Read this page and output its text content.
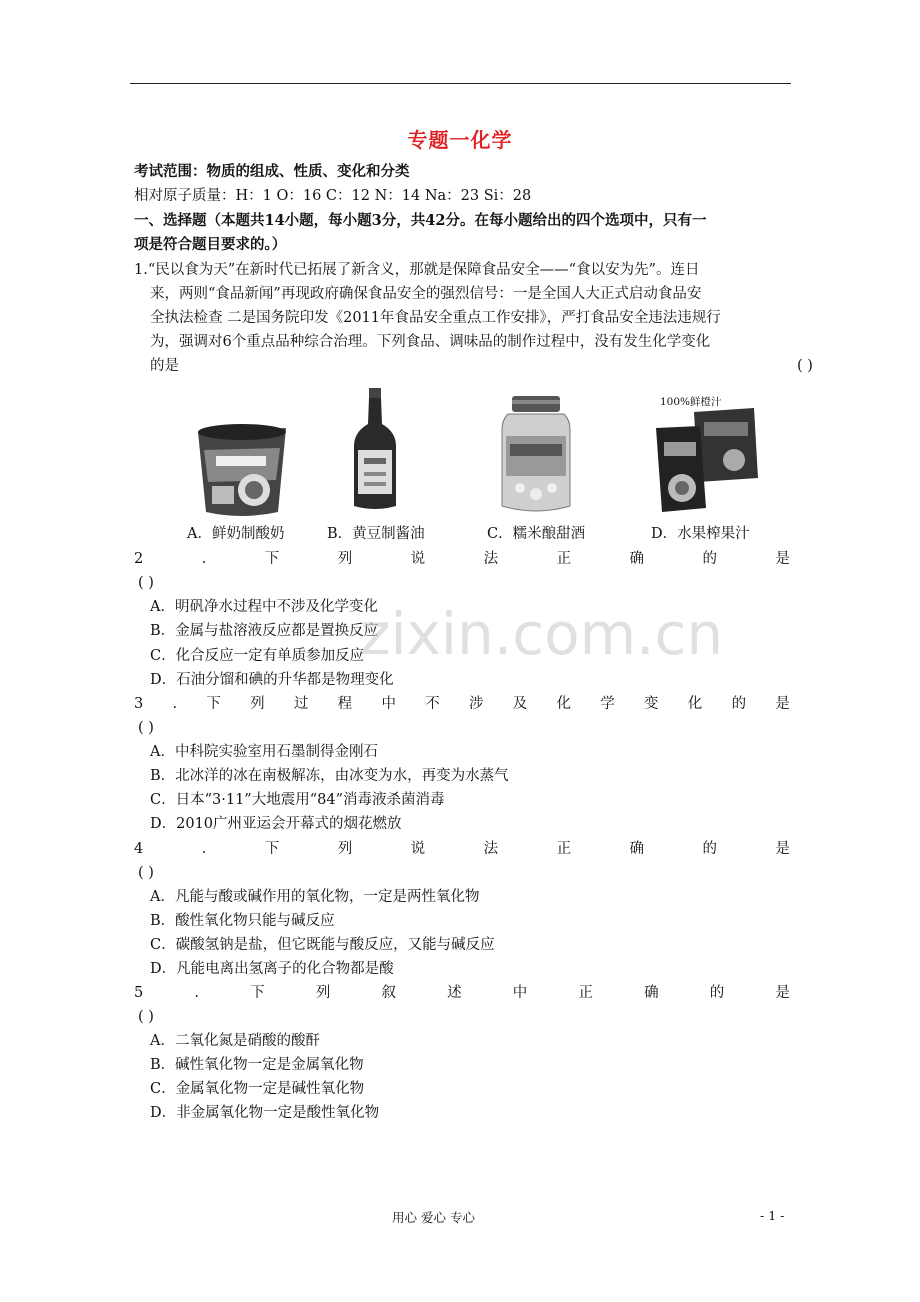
专题一化学
考试范围：物质的组成、性质、变化和分类
相对原子质量：H：1 O：16 C：12 N：14 Na：23 Si：28
一、选择题（本题共14小题，每小题3分，共42分。在每小题给出的四个选项中，只有一
项是符合题目要求的。）
1.“民以食为天”在新时代已拓展了新含义，那就是保障食品安全——“食以安为先”。连日
来，两则“食品新闻”再现政府确保食品安全的强烈信号：一是全国人大正式启动食品安
全执法检查 二是国务院印发《2011年食品安全重点工作安排》，严打食品安全违法违规行
为，强调对6个重点品种综合治理。下列食品、调味品的制作过程中，没有发生化学变化
的是	( )
100%鲜橙汁
A．鲜奶制酸奶	B．黄豆制酱油	C．糯米酿甜酒	D．水果榨果汁
2	.	下	列	说	法	正	确	的	是
( )
A．明矾净水过程中不涉及化学变化
B．金属与盐溶液反应都是置换反应
C．化合反应一定有单质参加反应
D．石油分馏和碘的升华都是物理变化
3 . 下 列 过 程 中 不 涉 及 化 学 变 化 的 是
( )
A．中科院实验室用石墨制得金刚石
B．北冰洋的冰在南极解冻，由冰变为水，再变为水蒸气
C．日本“3·11”大地震用“84”消毒液杀菌消毒
D．2010广州亚运会开幕式的烟花燃放
4	.	下	列	说	法	正	确	的	是
( )
A．凡能与酸或碱作用的氧化物，一定是两性氧化物
B．酸性氧化物只能与碱反应
C．碳酸氢钠是盐，但它既能与酸反应，又能与碱反应
D．凡能电离出氢离子的化合物都是酸
5	.	下	列	叙	述	中	正	确	的	是
( )
A．二氧化氮是硝酸的酸酐
B．碱性氧化物一定是金属氧化物
C．金属氧化物一定是碱性氧化物
D．非金属氧化物一定是酸性氧化物
zixin.com.cn
用心 爱心 专心	- 1 -
